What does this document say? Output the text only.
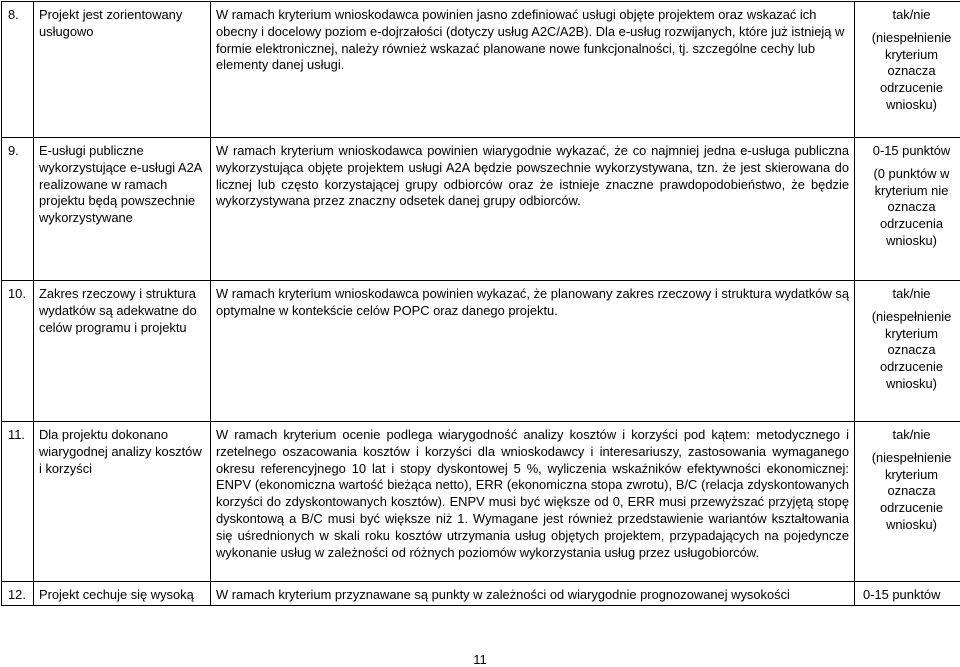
8.	Projekt jest zorientowany usługowo	W ramach kryterium wnioskodawca powinien jasno zdefiniować usługi objęte projektem oraz wskazać ich obecny i docelowy poziom e-dojrzałości (dotyczy usług A2C/A2B). Dla e-usług rozwijanych, które już istnieją w formie elektronicznej, należy również wskazać planowane nowe funkcjonalności, tj. szczególne cechy lub elementy danej usługi.	tak/nie
(niespełnienie kryterium oznacza odrzucenie wniosku)

9.	E-usługi publiczne wykorzystujące e-usługi A2A realizowane w ramach projektu będą powszechnie wykorzystywane	W ramach kryterium wnioskodawca powinien wiarygodnie wykazać, że co najmniej jedna e-usługa publiczna wykorzystująca objęte projektem usługi A2A będzie powszechnie wykorzystywana, tzn. że jest skierowana do licznej lub często korzystającej grupy odbiorców oraz że istnieje znaczne prawdopodobieństwo, że będzie wykorzystywana przez znaczny odsetek danej grupy odbiorców.	0-15 punktów
(0 punktów w kryterium nie oznacza odrzucenia wniosku)

10.	Zakres rzeczowy i struktura wydatków są adekwatne do celów programu i projektu	W ramach kryterium wnioskodawca powinien wykazać, że planowany zakres rzeczowy i struktura wydatków są optymalne w kontekście celów POPC oraz danego projektu.	tak/nie
(niespełnienie kryterium oznacza odrzucenie wniosku)

11.	Dla projektu dokonano wiarygodnej analizy kosztów i korzyści	W ramach kryterium ocenie podlega wiarygodność analizy kosztów i korzyści pod kątem: metodycznego i rzetelnego oszacowania kosztów i korzyści dla wnioskodawcy i interesariuszy, zastosowania wymaganego okresu referencyjnego 10 lat i stopy dyskontowej 5 %, wyliczenia wskaźników efektywności ekonomicznej: ENPV (ekonomiczna wartość bieżąca netto), ERR (ekonomiczna stopa zwrotu), B/C (relacja zdyskontowanych korzyści do zdyskontowanych kosztów). ENPV musi być większe od 0, ERR musi przewyższać przyjętą stopę dyskontową a B/C musi być większe niż 1. Wymagane jest również przedstawienie wariantów kształtowania się uśrednionych w skali roku kosztów utrzymania usług objętych projektem, przypadających na pojedyncze wykonanie usług w zależności od różnych poziomów wykorzystania usług przez usługobiorców.	tak/nie
(niespełnienie kryterium oznacza odrzucenie wniosku)

12.	Projekt cechuje się wysoką	W ramach kryterium przyznawane są punkty w zależności od wiarygodnie prognozowanej wysokości	0-15 punktów
11
